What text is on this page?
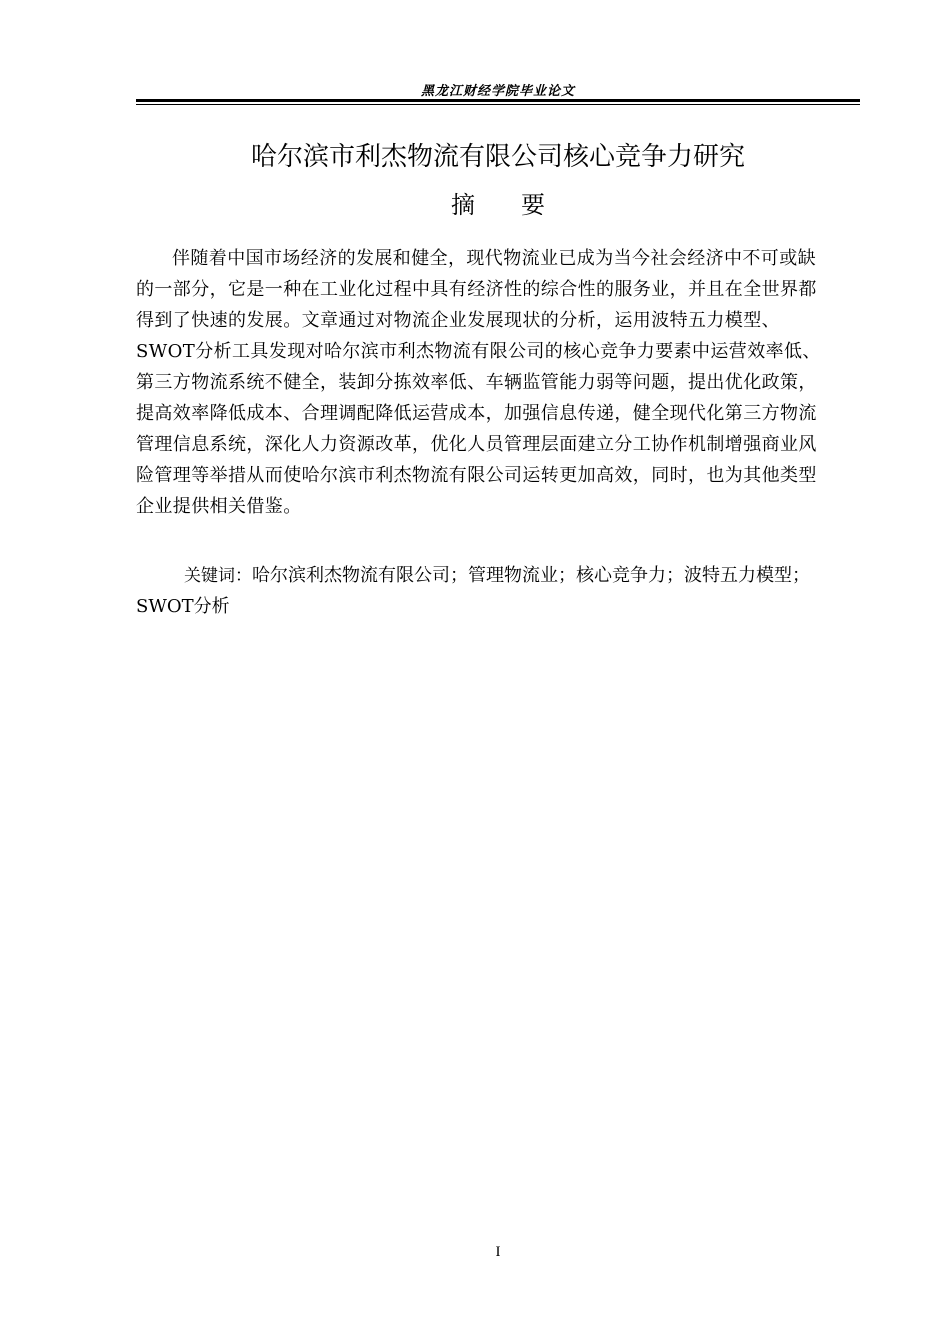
黑龙江财经学院毕业论文
哈尔滨市利杰物流有限公司核心竞争力研究
摘要
伴随着中国市场经济的发展和健全，现代物流业已成为当今社会经济中不可或缺
的一部分，它是一种在工业化过程中具有经济性的综合性的服务业，并且在全世界都
得到了快速的发展。文章通过对物流企业发展现状的分析，运用波特五力模型、
SWOT分析工具发现对哈尔滨市利杰物流有限公司的核心竞争力要素中运营效率低、
第三方物流系统不健全，装卸分拣效率低、车辆监管能力弱等问题，提出优化政策，
提高效率降低成本、合理调配降低运营成本，加强信息传递，健全现代化第三方物流
管理信息系统，深化人力资源改革，优化人员管理层面建立分工协作机制增强商业风
险管理等举措从而使哈尔滨市利杰物流有限公司运转更加高效，同时，也为其他类型
企业提供相关借鉴。
关键词：哈尔滨利杰物流有限公司；管理物流业；核心竞争力；波特五力模型；
SWOT分析
I
